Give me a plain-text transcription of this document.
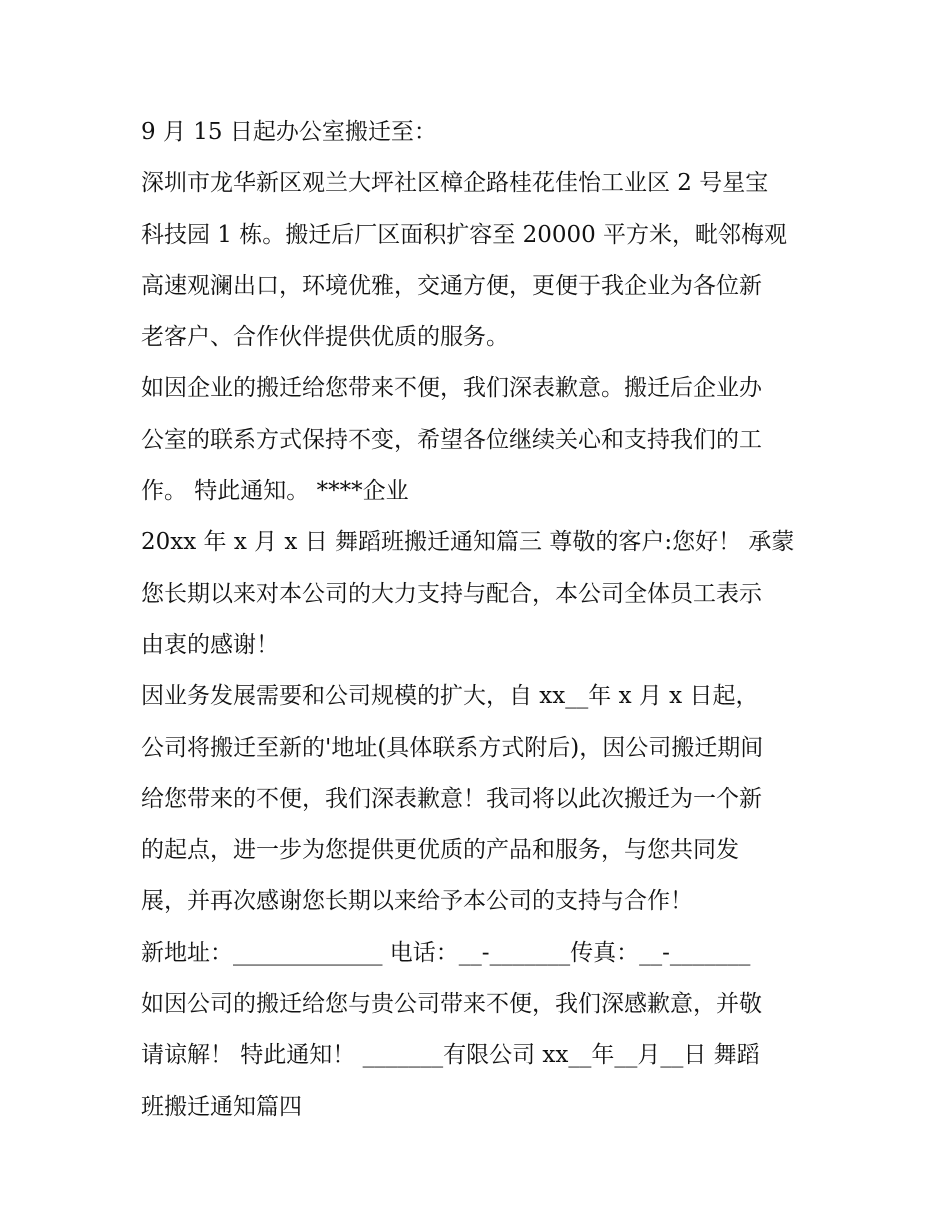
9 月 15 日起办公室搬迁至：
深圳市龙华新区观兰大坪社区樟企路桂花佳怡工业区 2 号星宝
科技园 1 栋。搬迁后厂区面积扩容至 20000 平方米，毗邻梅观
高速观澜出口，环境优雅，交通方便，更便于我企业为各位新
老客户、合作伙伴提供优质的服务。
如因企业的搬迁给您带来不便，我们深表歉意。搬迁后企业办
公室的联系方式保持不变，希望各位继续关心和支持我们的工
作。 特此通知。 ****企业
20xx 年 x 月 x 日 舞蹈班搬迁通知篇三 尊敬的客户:您好！ 承蒙
您长期以来对本公司的大力支持与配合，本公司全体员工表示
由衷的感谢！
因业务发展需要和公司规模的扩大，自 xx__年 x 月 x 日起，
公司将搬迁至新的'地址(具体联系方式附后)，因公司搬迁期间
给您带来的不便，我们深表歉意！我司将以此次搬迁为一个新
的起点，进一步为您提供更优质的产品和服务，与您共同发
展，并再次感谢您长期以来给予本公司的支持与合作！
新地址：_____________ 电话：__-_______传真：__-_______
如因公司的搬迁给您与贵公司带来不便，我们深感歉意，并敬
请谅解！ 特此通知！ _______有限公司 xx__年__月__日 舞蹈
班搬迁通知篇四
